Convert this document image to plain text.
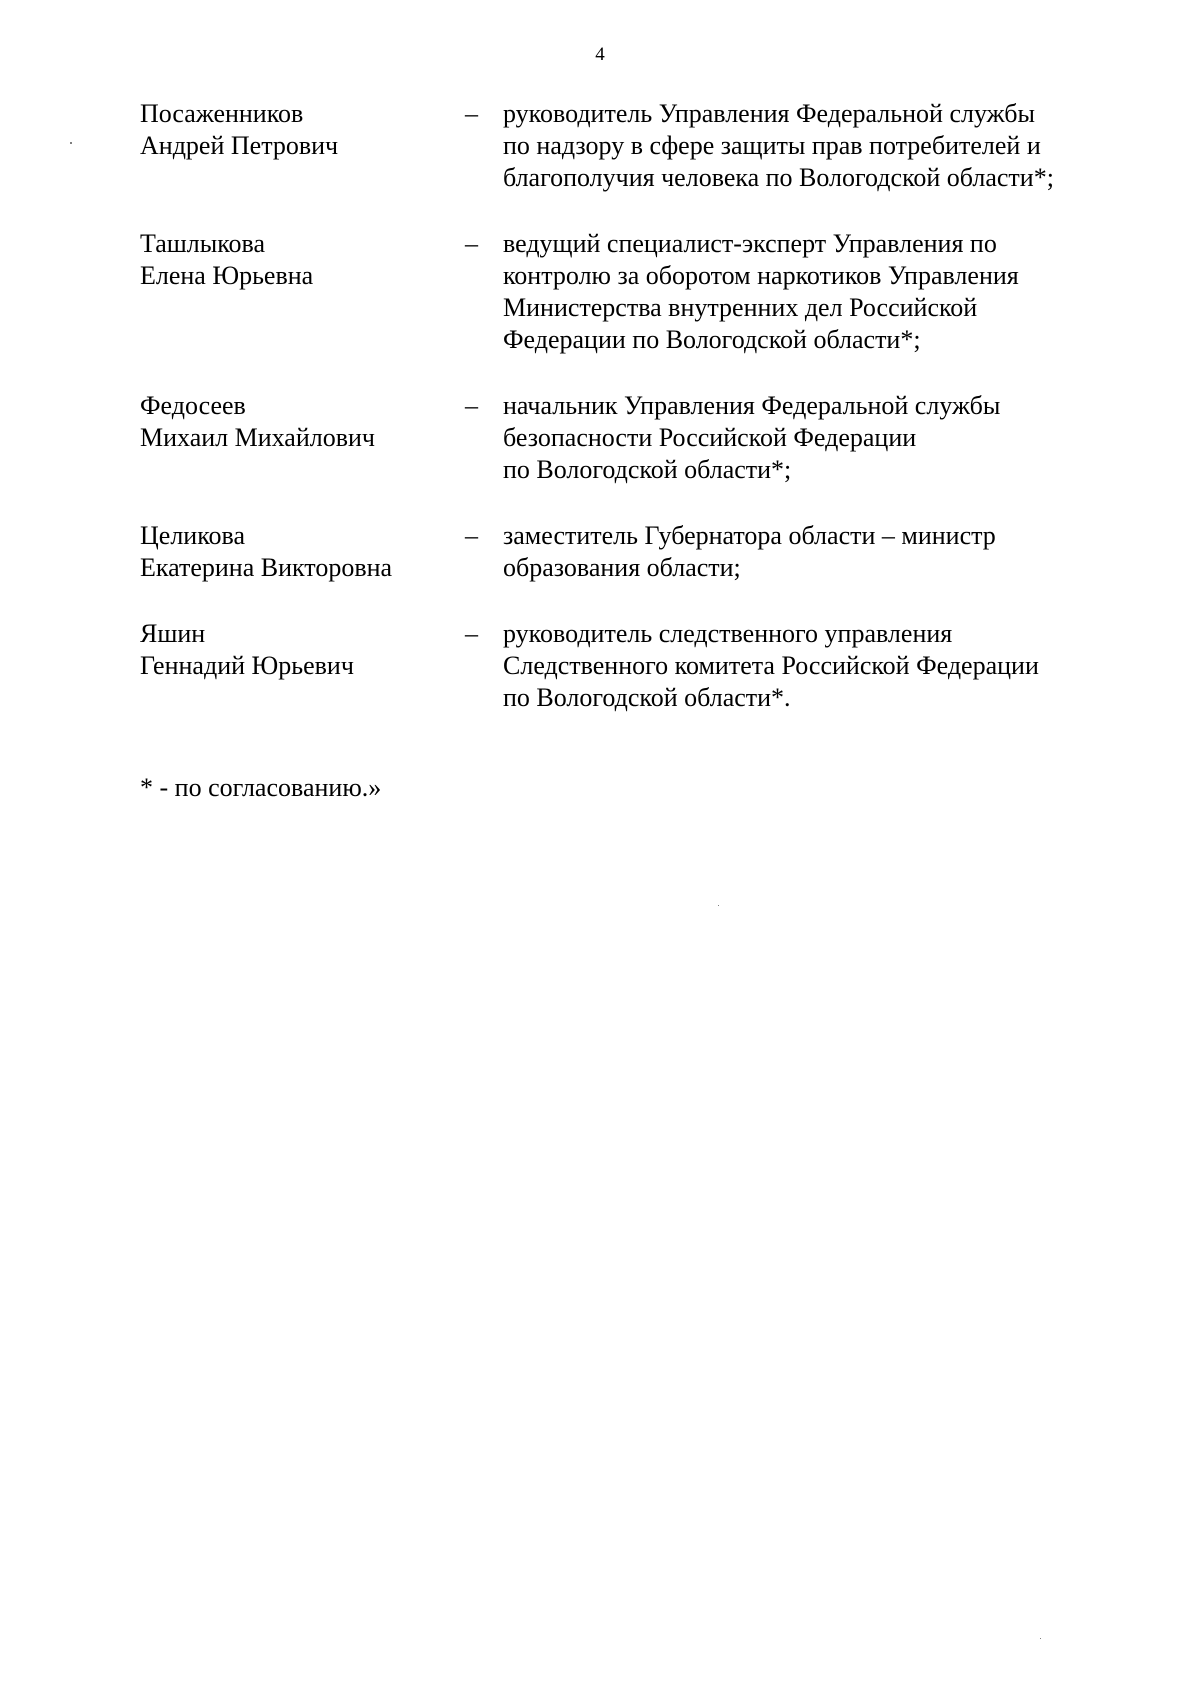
4
Посаженников
Андрей Петрович
– руководитель Управления Федеральной службы
по надзору в сфере защиты прав потребителей и
благополучия человека по Вологодской области*;
Ташлыкова
Елена Юрьевна
– ведущий специалист-эксперт Управления по
контролю за оборотом наркотиков Управления
Министерства внутренних дел Российской
Федерации по Вологодской области*;
Федосеев
Михаил Михайлович
– начальник Управления Федеральной службы
безопасности Российской Федерации
по Вологодской области*;
Целикова
Екатерина Викторовна
– заместитель Губернатора области – министр
образования области;
Яшин
Геннадий Юрьевич
– руководитель следственного управления
Следственного комитета Российской Федерации
по Вологодской области*.
* - по согласованию.»
